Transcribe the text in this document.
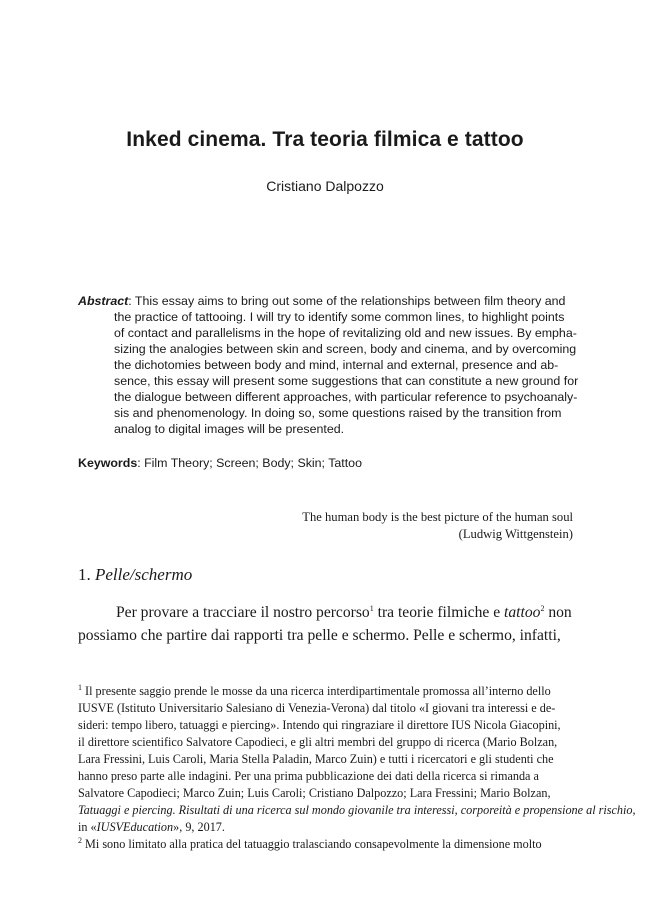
Inked cinema. Tra teoria filmica e tattoo
Cristiano Dalpozzo
Abstract: This essay aims to bring out some of the relationships between film theory and
the practice of tattooing. I will try to identify some common lines, to highlight points
of contact and parallelisms in the hope of revitalizing old and new issues. By empha-
sizing the analogies between skin and screen, body and cinema, and by overcoming
the dichotomies between body and mind, internal and external, presence and ab-
sence, this essay will present some suggestions that can constitute a new ground for
the dialogue between different approaches, with particular reference to psychoanaly-
sis and phenomenology. In doing so, some questions raised by the transition from
analog to digital images will be presented.
Keywords: Film Theory; Screen; Body; Skin; Tattoo
The human body is the best picture of the human soul
(Ludwig Wittgenstein)
1. Pelle/schermo
Per provare a tracciare il nostro percorso$^1$ tra teorie filmiche e tattoo$^2$ non
possiamo che partire dai rapporti tra pelle e schermo. Pelle e schermo, infatti,
$^1$ Il presente saggio prende le mosse da una ricerca interdipartimentale promossa all’interno dello
IUSVE (Istituto Universitario Salesiano di Venezia-Verona) dal titolo «I giovani tra interessi e de-
sideri: tempo libero, tatuaggi e piercing». Intendo qui ringraziare il direttore IUS Nicola Giacopini,
il direttore scientifico Salvatore Capodieci, e gli altri membri del gruppo di ricerca (Mario Bolzan,
Lara Fressini, Luis Caroli, Maria Stella Paladin, Marco Zuin) e tutti i ricercatori e gli studenti che
hanno preso parte alle indagini. Per una prima pubblicazione dei dati della ricerca si rimanda a
Salvatore Capodieci; Marco Zuin; Luis Caroli; Cristiano Dalpozzo; Lara Fressini; Mario Bolzan,
Tatuaggi e piercing. Risultati di una ricerca sul mondo giovanile tra interessi, corporeità e propensione al rischio,
in «IUSVEducation», 9, 2017.
$^2$ Mi sono limitato alla pratica del tatuaggio tralasciando consapevolmente la dimensione molto
